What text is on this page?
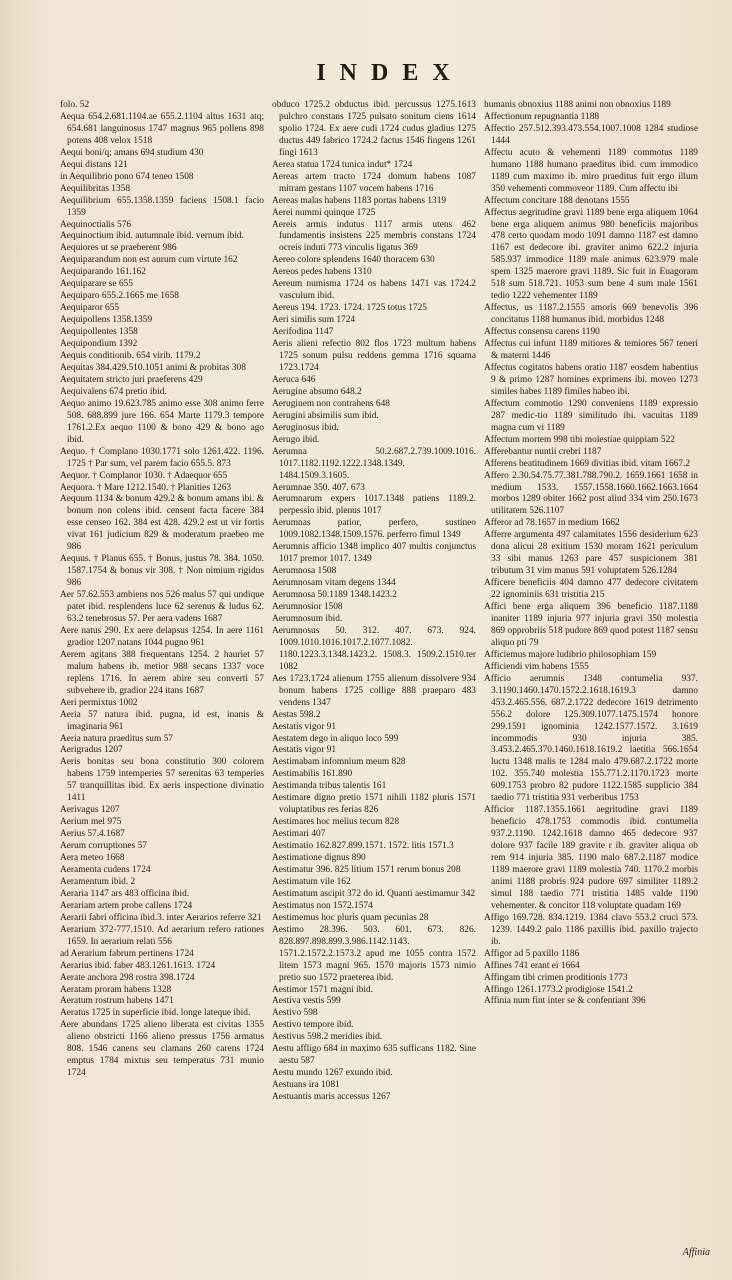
INDEX
folo. 52
Aequa 654.2.681.1104.ae 655.2.1104 altus 1631 atq; 654.681 languinosus 1747 magnus 965 pollens 898 potens 408 velox 1518
Aequi boni/q; amans 694 studium 430
Aequi distans 121
in Aequilibrio pono 674 teneo 1508
Aequilibritas 1358
Aequilibrium 655.1358.1359 faciens 1508.1 facio 1359
Aequinoctialis 576
Aequinoctium ibid. autumnale ibid. vernum ibid.
Aequiores ut se praeberent 986
Aequiparandum non est aurum cum virtute 162
Aequiparando 161.162
Aequiparare se 655
Aequiparo 655.2.1665 me 1658
Aequiparor 655
Aequipollens 1358.1359
Aequipollentes 1358
Aequipondium 1392
Aequis conditionib. 654 virib. 1179.2
Aequitas 384.429.510.1051 animi & probitas 308
Aequitatem stricto juri praeferens 429
Aequivalens 674 pretio ibid.
Aequo animo 19.623.785 animo esse 308 animo ferre 508. 688.899 jure 166. 654 Marte 1179.3 tempore 1761.2.Ex aequo 1100 & bono 429 & bono ago ibid.
Aequo. † Complano 1030.1771 solo 1261.422. 1196. 1725 † Par sum, vel parem facio 655.5. 873
Aequor. † Complanor 1030. † Adaequor 655
Aequora. † Mare 1212.1540. † Planities 1263
Aequum 1134 & bonum 429.2 & bonum amans ibi. & bonum non colens ibid. censent facta facere 384 esse censeo 162. 384 est 428. 429.2 est ut vir fortis vivat 161 judicium 829 & moderatum praebeo me 986
Aequus. † Planus 655. † Bonus, justus 78. 384. 1050. 1587.1754 & bonus vir 308. † Non nimium rigidus 986
Aer 57.62.553 ambiens nos 526 malus 57 qui undique patet ibid. resplendens luce 62 serenus & ludus 62. 63.2 tenebrosus 57. Per aera vadens 1687
Aere natus 290. Ex aere delapsus 1254. In aere 1161 gradior 1207 natans 1044 pugno 961
Aerem agitans 388 frequentans 1254. 2 hauriet 57 malum habens ib. metior 988 secans 1337 voce replens 1716. In aerem abire seu converti 57 subvehere ib. gradior 224 itans 1687
Aeri permixtus 1002
Aeria 57 natura ibid. pugna, id est, inanis & imaginaria 961
Aeria natura praeditus sum 57
Aerigradus 1207
Aeris bonitas seu bona constitutio 300 colorem habens 1759 intemperies 57 serenitas 63 temperies 57 tranquillitas ibid. Ex aeris inspectione divinatio 1411
Aerivagus 1207
Aerium mel 975
Aerius 57.4.1687
Aerum corruptiones 57
Aera meteo 1668
Aeramenta cudens 1724
Aeramentum ibid. 2
Aeraria 1147 ars 483 officina ibid.
Aerariam artem probe callens 1724
Aerarii fabri officina ibid.3. inter Aerarios referre 321
Aerarium 372-777.1510. Ad aerarium refero rationes 1659. In aerarium relati 556
ad Aerarium fabrum pertinens 1724
Aerarius ibid. faber 483.1261.1613. 1724
Aerate anchora 298 rostra 398.1724
Aeratam proram habens 1328
Aeratum rostrum habens 1471
Aeratus 1725 in superficie ibid. longe lateque ibid.
Aere abundans 1725 alieno liberata est civitas 1355 alieno obstricti 1166 alieno pressus 1756 armatus 808. 1546 canens seu clamans 260 carens 1724 emptus 1784 mixtus seu temperatus 731 munio 1724
obduco 1725.2 obductus ibid. percussus 1275.1613 pulchro constans 1725 pulsato sonitum ciens 1614 spolio 1724. Ex aere cudi 1724 cudus gladius 1275 ductus 449 fabrico 1724.2 factus 1546 fingens 1261 fingi 1613
Aerea statua 1724 tunica indut* 1724
Aereas artem tracto 1724 domum habens 1087 mitram gestans 1107 vocem habens 1716
Aereas malas habens 1183 portas habens 1319
Aerei nummi quinque 1725
Aereis armis indutus 1117 armis utens 462 fundamentis insistens 225 membris constans 1724 ocreis induti 773 vinculis ligatus 369
Aereo colore splendens 1640 thoracem 630
Aereos pedes habens 1310
Aereum numisma 1724 os habens 1471 vas 1724.2 vasculum ibid.
Aereus 194. 1723. 1724. 1725 totus 1725
Aeri similis sum 1724
Aerifodina 1147
Aeris alieni refectio 802 flos 1723 multum habens 1725 sonum pulsu reddens gemma 1716 squama 1723.1724
Aeruca 646
Aerugine absumo 648.2
Aeruginem non contrahens 648
Aerugini absimilis sum ibid.
Aeruginosus ibid.
Aerugo ibid.
Aerumna 50.2.687.2.739.1009.1016. 1017.1182.1192.1222.1348.1349. 1484.1509.3.1605.
Aerumnae 350. 407. 673
Aerumnarum expers 1017.1348 patiens 1189.2. perpessio ibid. plenus 1017
Aerumnas patior, perfero, sustineo 1009.1082.1348.1509.1576. perferro fimul 1349
Aerumnis afficio 1348 implico 407 multis conjunctus 1017 premor 1017. 1349
Aerumnosa 1508
Aerumnosam vitam degens 1344
Aerumnosa 50.1189 1348.1423.2
Aerumnosior 1508
Aerumnosum ibid.
Aerumnosus 50. 312. 407. 673. 924. 1009.1010.1016.1017.2.1077.1082. 1180.1223.3.1348.1423.2. 1508.3. 1509.2.1510.ter 1082
Aes 1723.1724 alienum 1755 alienum dissolvere 934 bonum habens 1725 collige 888 praeparo 483 vendens 1347
Aestas 598.2
Aestatis vigor 91
Aestatem dego in aliquo loco 599
Aestatis vigor 91
Aestimabam infomnium meum 828
Aestimabilis 161.890
Aestimanda tribus talentis 161
Aestimare digno pretio 1571 nihili 1182 pluris 1571 voluptatibus res ferias 826
Aestimares hoc melius tecum 828
Aestimari 407
Aestimatio 162.827.899.1571. 1572. litis 1571.3
Aestimatione dignus 890
Aestimatur 396. 825 litium 1571 rerum bonus 208
Aestimatum vile 162
Aestimatum ascipit 372 do id. Quanti aestimamur 342
Aestimatus non 1572.1574
Aestimemus hoc pluris quam pecunias 28
Aestimo 28.396. 503. 601. 673. 826. 828.897.898.899.3.986.1142.1143. 1571.2.1572.2.1573.2 apud me 1055 contra 1572 litem 1573 magni 965. 1570 majoris 1573 nimio pretio suo 1572 praeterea ibid.
Aestimor 1571 magni ibid.
Aestiva vestis 599
Aestivo 598
Aestivo tempore ibid.
Aestivus 598.2 meridies ibid.
Aestu affligo 684 in maximo 635 sufficans 1182. Sine aestu 587
Aestu mundo 1267 exundo ibid.
Aestuans ira 1081
Aestuantis maris accessus 1267
humanis obnoxius 1188 animi non obnoxius 1189
Affectionum repugnantia 1188
Affectio 257.512.393.473.554.1007.1008 1284 studiose 1444
Affectu acuto & vehementi 1189 commotus 1189 humano 1188 humano praeditus ibid. cum immodico 1189 cum maximo ib. miro praeditus fuit ergo illum 350 vehementi commoveor 1189. Cum affectu ibi
Affectum concitare 188 denotans 1555
Affectus aegritudine gravi 1189 bene erga aliquem 1064 bene erga aliquem animus 980 beneficiis majoribus 478 certo quodam modo 1091 damno 1187 est damno 1167 est dedecore ibi. graviter animo 622.2 injuria 585.937 immodice 1189 male animus 623.979 male spem 1325 maerore gravi 1189. Sic fuit in Euagoram 518 sum 518.721. 1053 sum bene 4 sum male 1561 tedio 1222 vehementer 1189
Affectus, us 1187.2.1555 amoris 669 benevolis 396 concitatus 1188 humanus ibid. morbidus 1248
Affectus consensu carens 1190
Affectus cui infunt 1189 mitiores & temiores 567 teneri & materni 1446
Affectus cogitatos habens oratio 1187 eosdem habentius 9 & primo 1287 homines exprimens ibi. moveo 1273 similes habes 1189 fimiles habeo ibi.
Affectum commotio 1290 conveniens 1189 expressio 287 medic-tio 1189 similitudo ibi. vacuitas 1189 magna cum vi 1189
Affectum mortem 998 tibi molestiae quippiam 522
Afferebantur nuntii crebri 1187
Afferens beatitudinem 1669 divitias ibid. vitam 1667.2
Affero 2.30.54.75.77.381.788.790.2. 1659.1661 1658 in medium 1533. 1557.1558.1660.1662.1663.1664 morbos 1289 obiter 1662 post aliud 334 vim 250.1673 utilitatem 526.1107
Afferor ad 78.1657 in medium 1662
Afferre argumenta 497 calamitates 1556 desiderium 623 dona alicui 28 exitium 1530 moram 1621 periculum 33 sibi manus 1263 pare 457 suspicionem 381 tributum 31 vim manus 591 voluptatem 526.1284
Afficere beneficiis 404 damno 477 dedecore civitatem 22 ignominiis 631 tristitia 215
Affici bene erga aliquem 396 beneficio 1187.1188 inaniter 1189 injuria 977 injuria gravi 350 molestia 869 opprobriis 518 pudore 869 quod potest 1187 sensu aliquo pti 79
Afficiemus majore ludibrio philosophiam 159
Afficiendi vim habens 1555
Afficio aerumnis 1348 contumelia 937. 3.1190.1460.1470.1572.2.1618.1619.3 damno 453.2.465.556. 687.2.1722 dedecore 1619 detrimento 556.2 dolore 125.309.1077.1475.1574 honore 299.1591 ignominia 1242.1577.1572. 3.1619 incommodis 930 injuria 385. 3.453.2.465.370.1460.1618.1619.2 laetitia 566.1654 luctu 1348 malis te 1284 malo 479.687.2.1722 morte 102. 355.740 molestia 155.771.2.1170.1723 morte 609.1753 probro 82 pudore 1122.1585 supplicio 384 taedio 771 tristitia 931 verberibus 1753
Afficior 1187.1355.1661 aegritudine gravi 1189 beneficio 478.1753 commodis ibid. contumelia 937.2.1190. 1242.1618 damno 465 dedecore 937 dolore 937 facile 189 gravite r ib. graviter aliqua ob rem 914 injuria 385. 1190 malo 687.2.1187 modice 1189 maerore gravi 1189 molestia 740. 1170.2 morbis animi 1188 probris 924 pudore 697 similiter 1189.2 simul 188 taedio 771 tristitia 1485 valde 1190 vehementer. & concitor 118 voluptate quadam 169
Affigo 169.728. 834.1219. 1384 clavo 553.2 cruci 573. 1239. 1449.2 palo 1186 paxillis ibid. paxillo trajecto ib.
Affigor ad 5 paxillo 1186
Affines 741 erant ei 1664
Affingam tibi crimen proditionis 1773
Affingo 1261.1773.2 prodigiose 1541.2
Affinia num fint inter se & confentiant 396
Affinia
